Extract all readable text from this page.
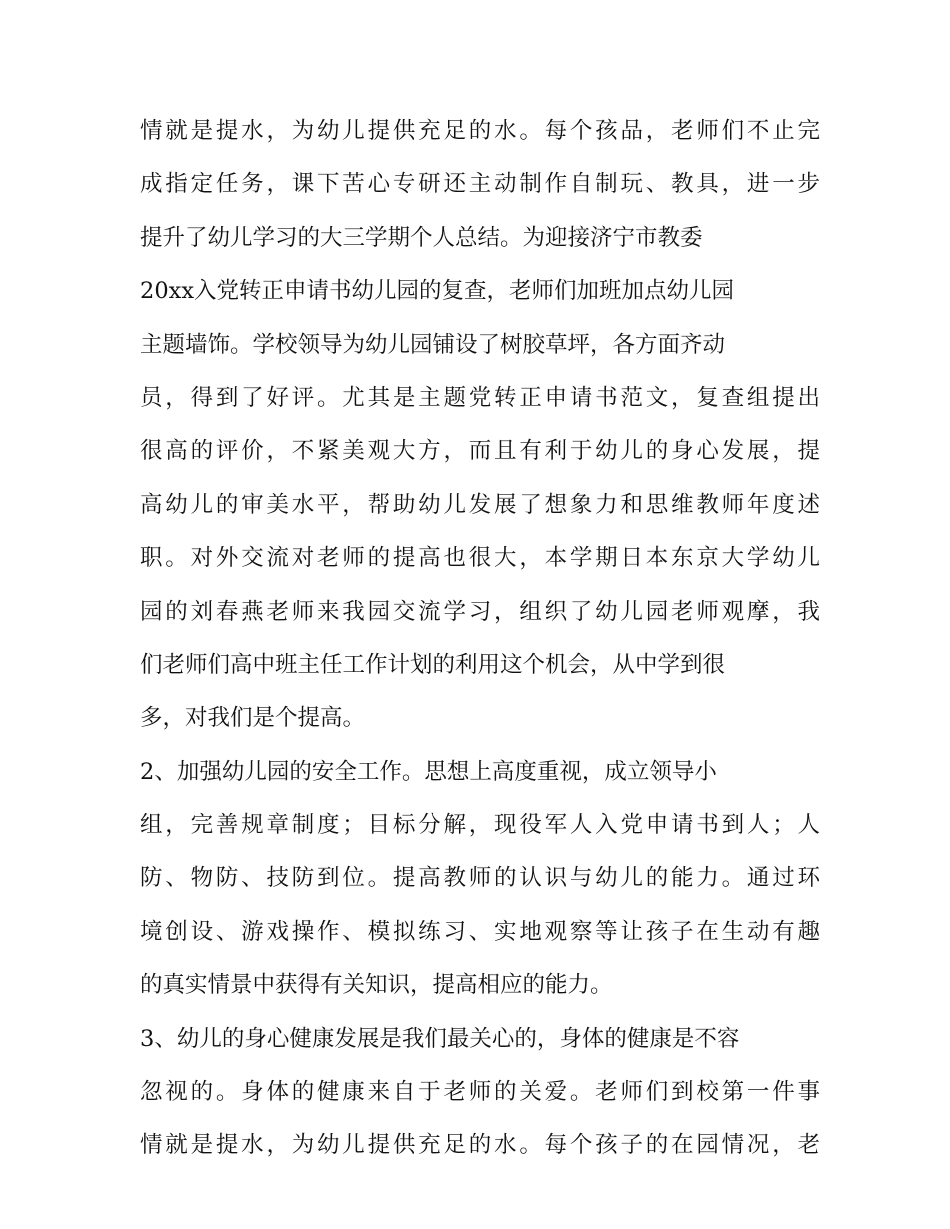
情就是提水，为幼儿提供充足的水。每个孩品，老师们不止完
成指定任务，课下苦心专研还主动制作自制玩、教具，进一步
提升了幼儿学习的大三学期个人总结。为迎接济宁市教委
20xx入党转正申请书幼儿园的复查，老师们加班加点幼儿园
主题墙饰。学校领导为幼儿园铺设了树胶草坪，各方面齐动
员，得到了好评。尤其是主题党转正申请书范文，复查组提出
很高的评价，不紧美观大方，而且有利于幼儿的身心发展，提
高幼儿的审美水平，帮助幼儿发展了想象力和思维教师年度述
职。对外交流对老师的提高也很大，本学期日本东京大学幼儿
园的刘春燕老师来我园交流学习，组织了幼儿园老师观摩，我
们老师们高中班主任工作计划的利用这个机会，从中学到很
多，对我们是个提高。
2、加强幼儿园的安全工作。思想上高度重视，成立领导小
组，完善规章制度；目标分解，现役军人入党申请书到人；人
防、物防、技防到位。提高教师的认识与幼儿的能力。通过环
境创设、游戏操作、模拟练习、实地观察等让孩子在生动有趣
的真实情景中获得有关知识，提高相应的能力。
3、幼儿的身心健康发展是我们最关心的，身体的健康是不容
忽视的。身体的健康来自于老师的关爱。老师们到校第一件事
情就是提水，为幼儿提供充足的水。每个孩子的在园情况，老
